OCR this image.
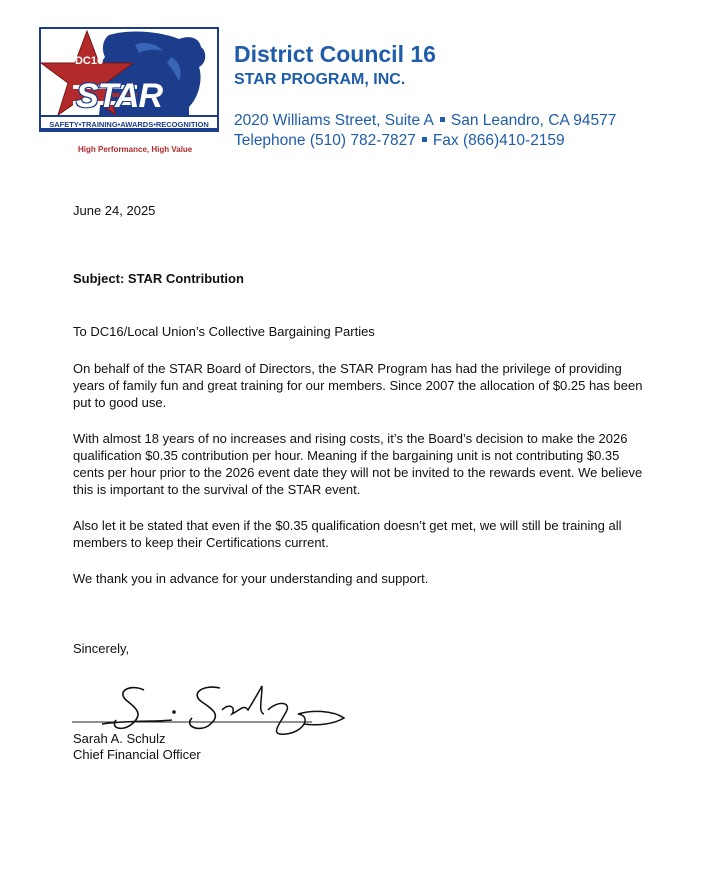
DC16
STAR
SAFETY•TRAINING•AWARDS•RECOGNITION
High Performance, High Value
District Council 16
STAR PROGRAM, INC.
2020 Williams Street, Suite A San Leandro, CA 94577
Telephone (510) 782-7827 Fax (866)410-2159
June 24, 2025
Subject: STAR Contribution
To DC16/Local Union’s Collective Bargaining Parties
On behalf of the STAR Board of Directors, the STAR Program has had the privilege of providing years of family fun and great training for our members. Since 2007 the allocation of $0.25 has been put to good use.
With almost 18 years of no increases and rising costs, it’s the Board’s decision to make the 2026 qualification $0.35 contribution per hour. Meaning if the bargaining unit is not contributing $0.35 cents per hour prior to the 2026 event date they will not be invited to the rewards event. We believe this is important to the survival of the STAR event.
Also let it be stated that even if the $0.35 qualification doesn’t get met, we will still be training all members to keep their Certifications current.
We thank you in advance for your understanding and support.
Sincerely,
Sarah A. Schulz
Chief Financial Officer
